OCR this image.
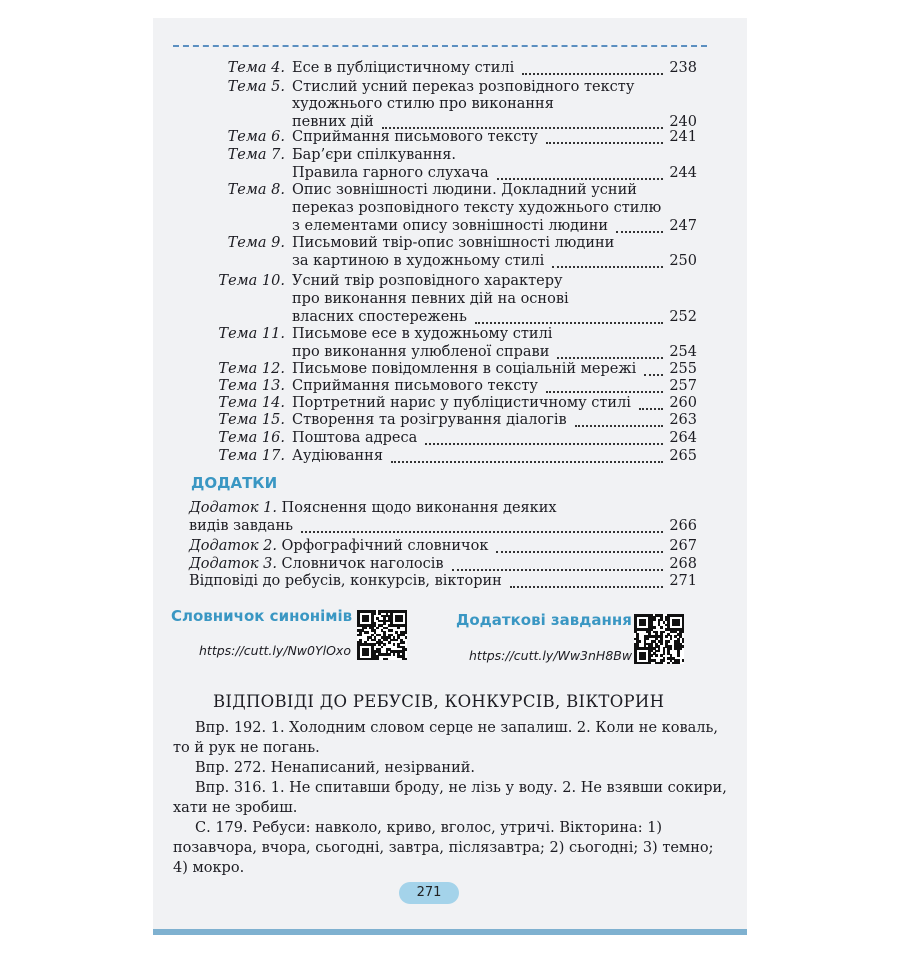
Тема 4. Есе в публіцистичному стилі	238
Тема 5. Стислий усний переказ розповідного тексту
художнього стилю про виконання
певних дій	240
Тема 6. Сприймання письмового тексту	241
Тема 7. Бар’єри спілкування.
Правила гарного слухача	244
Тема 8. Опис зовнішності людини. Докладний усний
переказ розповідного тексту художнього стилю
з елементами опису зовнішності людини	247
Тема 9. Письмовий твір-опис зовнішності людини
за картиною в художньому стилі	250
Тема 10. Усний твір розповідного характеру
про виконання певних дій на основі
власних спостережень	252
Тема 11. Письмове есе в художньому стилі
про виконання улюбленої справи	254
Тема 12. Письмове повідомлення в соціальній мережі 255
Тема 13. Сприймання письмового тексту	257
Тема 14. Портретний нарис у публіцистичному стилі	260
Тема 15. Створення та розігрування діалогів	263
Тема 16. Поштова адреса	264
Тема 17. Аудіювання	265
ДОДАТКИ
Додаток 1. Пояснення щодо виконання деяких
видів завдань	266
Додаток 2. Орфографічний словничок	267
Додаток 3. Словничок наголосів	268
Відповіді до ребусів, конкурсів, вікторин	271
Словничок синонімів
https://cutt.ly/Nw0YlOxo
Додаткові завдання
https://cutt.ly/Ww3nH8Bw
ВІДПОВІДІ ДО РЕБУСІВ, КОНКУРСІВ, ВІКТОРИН

Впр. 192. 1. Холодним словом серце не запалиш. 2. Коли не коваль, то й рук не погань.

Впр. 272. Ненаписаний, незірваний.

Впр. 316. 1. Не спитавши броду, не лізь у воду. 2. Не взявши сокири, хати не зробиш.

С. 179. Ребуси: навколо, криво, вголос, утричі. Вікторина: 1) позавчора, вчора, сьогодні, завтра, післязавтра; 2) сьогодні; 3) темно; 4) мокро.

271
